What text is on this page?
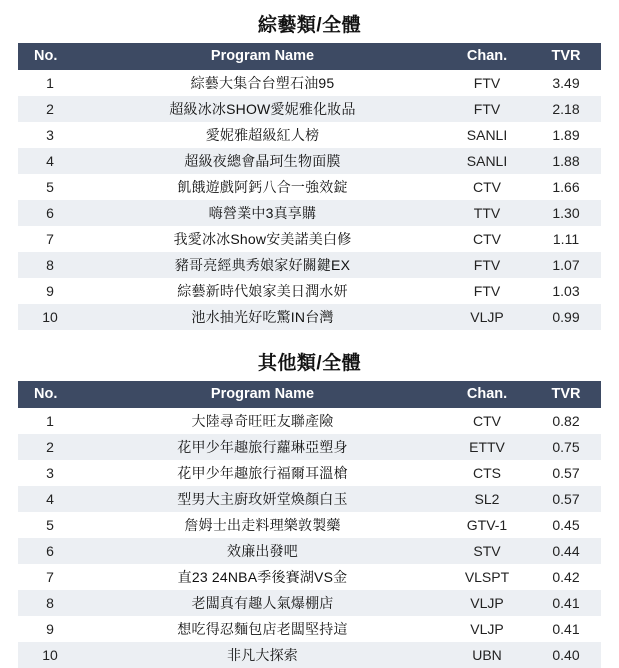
綜藝類/全體
No.	Program Name	Chan.	TVR
1	綜藝大集合台塑石油95	FTV	3.49
2	超級冰冰SHOW愛妮雅化妝品	FTV	2.18
3	愛妮雅超級紅人榜	SANLI	1.89
4	超級夜總會晶珂生物面膜	SANLI	1.88
5	飢餓遊戲阿鈣八合一強效錠	CTV	1.66
6	嗨營業中3真享購	TTV	1.30
7	我愛冰冰Show安美諾美白修	CTV	1.11
8	豬哥亮經典秀娘家好關鍵EX	FTV	1.07
9	綜藝新時代娘家美日潤水妍	FTV	1.03
10	池水抽光好吃驚IN台灣	VLJP	0.99
其他類/全體
No.	Program Name	Chan.	TVR
1	大陸尋奇旺旺友聯產險	CTV	0.82
2	花甲少年趣旅行蘿琳亞塑身	ETTV	0.75
3	花甲少年趣旅行福爾耳溫槍	CTS	0.57
4	型男大主廚玫妍堂煥顏白玉	SL2	0.57
5	詹姆士出走料理樂敦製藥	GTV-1	0.45
6	效廉出發吧	STV	0.44
7	直23 24NBA季後賽湖VS金	VLSPT	0.42
8	老闆真有趣人氣爆棚店	VLJP	0.41
9	想吃得忍麵包店老闆堅持這	VLJP	0.41
10	非凡大探索	UBN	0.40
